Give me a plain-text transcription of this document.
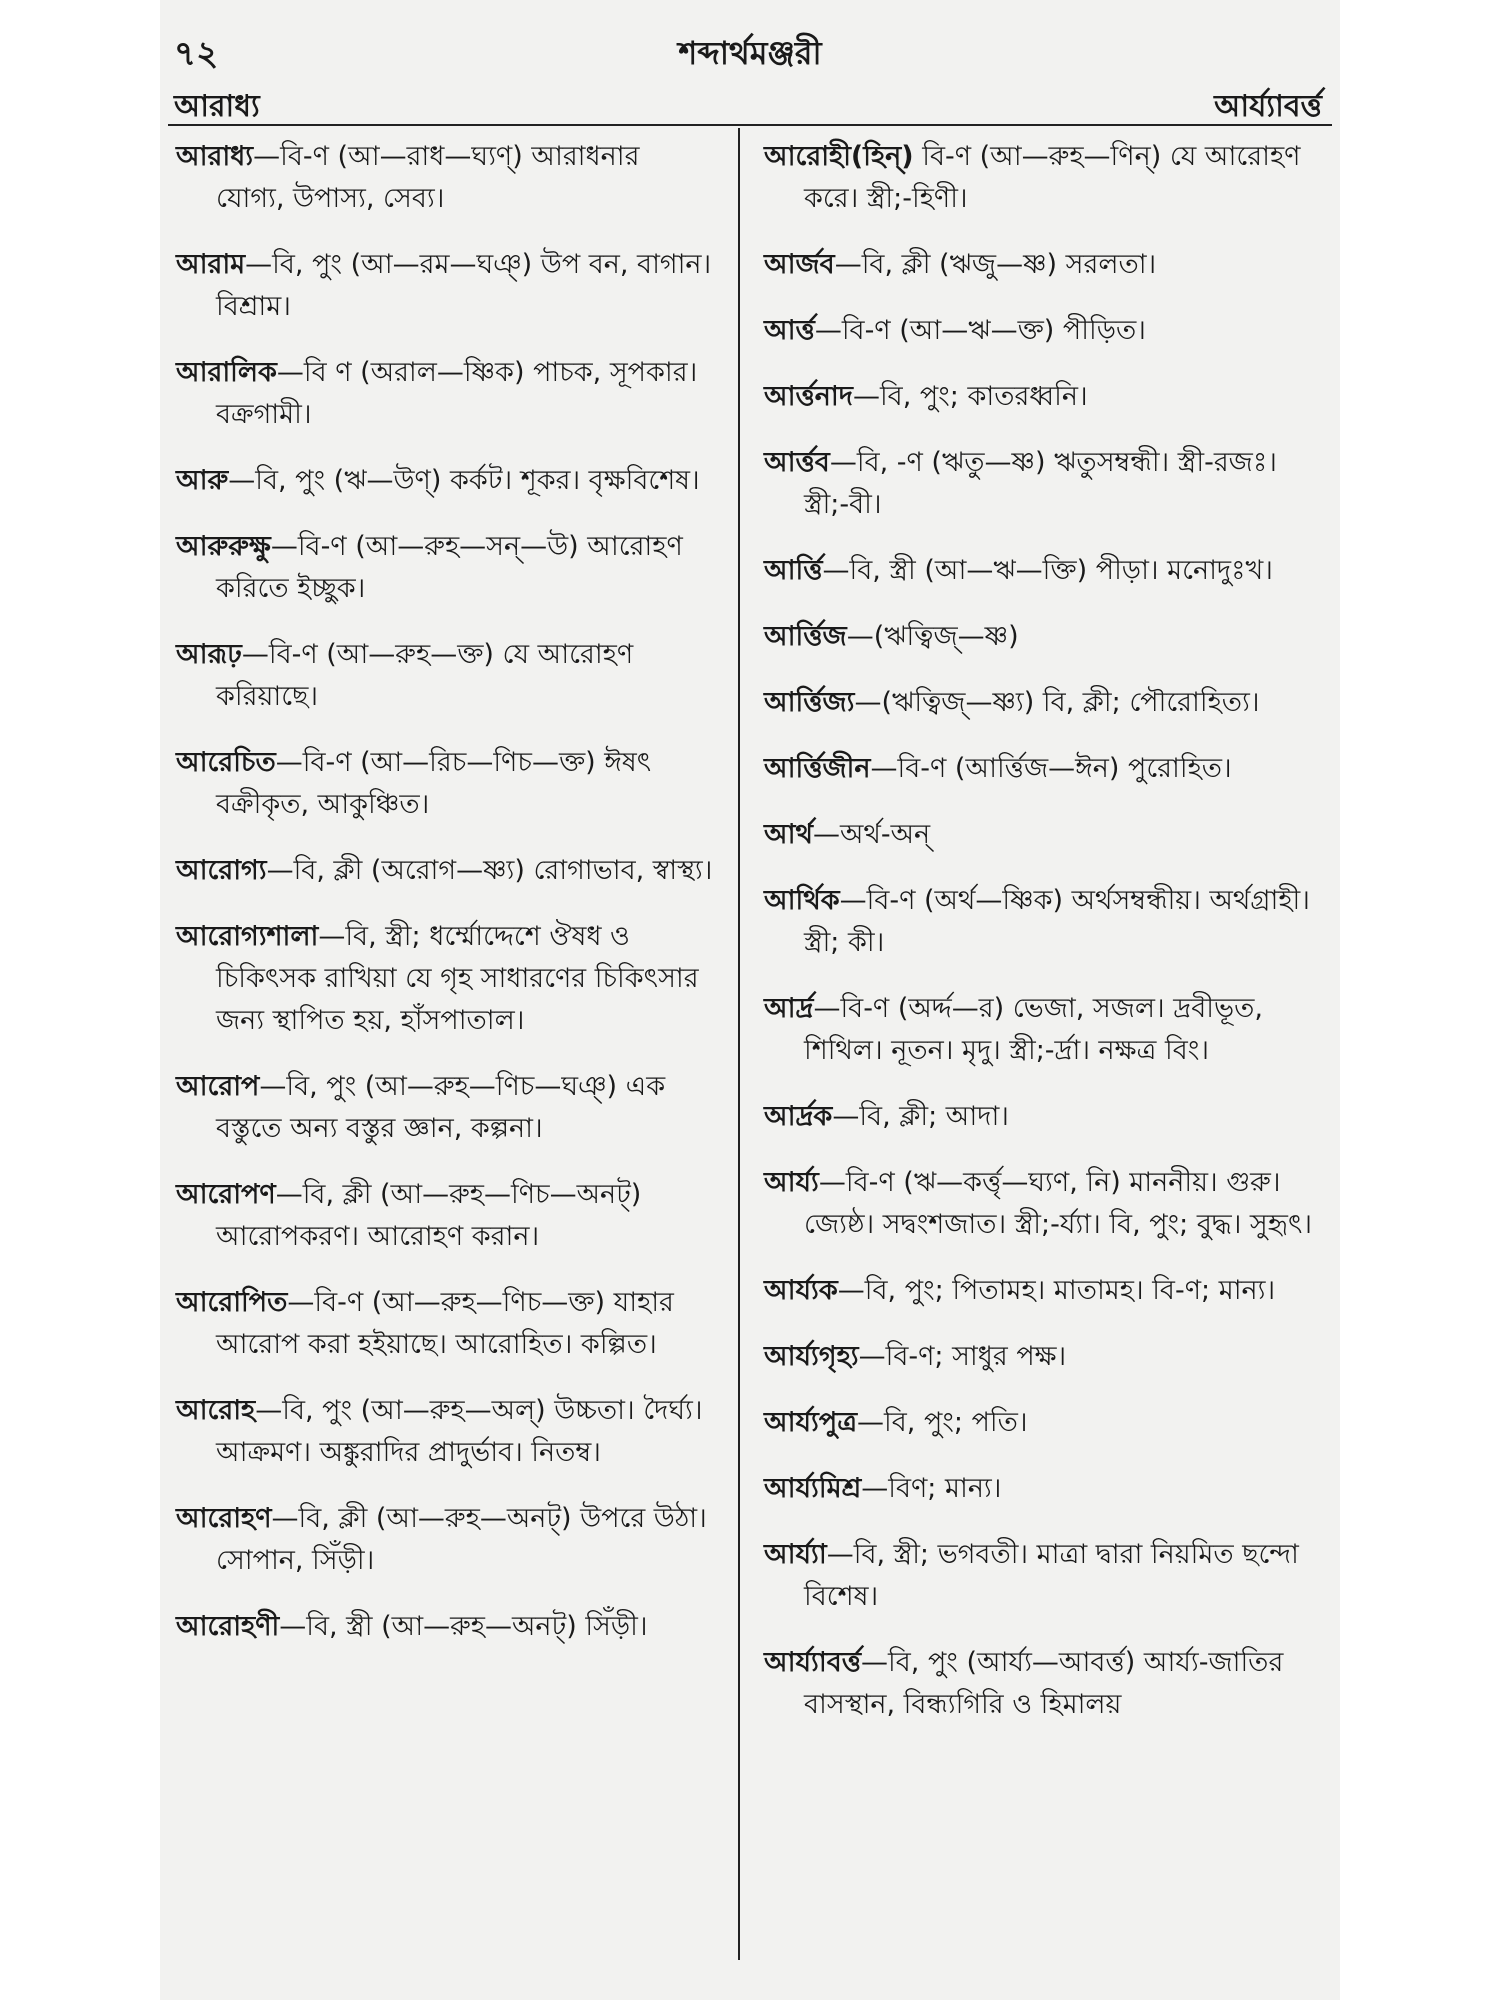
৭২	শব্দার্থমঞ্জরী
আরাধ্য	আর্য্যাবর্ত্ত

আরাধ্য—বি-ণ (আ—রাধ—ঘ্যণ্) আরাধনার যোগ্য, উপাস্য, সেব্য।

আরাম—বি, পুং (আ—রম—ঘঞ্) উপ বন, বাগান। বিশ্রাম।

আরালিক—বি ণ (অরাল—ষ্ণিক) পাচক, সূপকার। বক্রগামী।

আরু—বি, পুং (ঋ—উণ্) কর্কট। শূকর। বৃক্ষবিশেষ।

আরুরুক্ষু—বি-ণ (আ—রুহ—সন্—উ) আরোহণ করিতে ইচ্ছুক।

আরূঢ়—বি-ণ (আ—রুহ—ক্ত) যে আরোহণ করিয়াছে।

আরেচিত—বি-ণ (আ—রিচ—ণিচ—ক্ত) ঈষৎ বক্রীকৃত, আকুঞ্চিত।

আরোগ্য—বি, ক্লী (অরোগ—ষ্ণ্য) রোগাভাব, স্বাস্থ্য।

আরোগ্যশালা—বি, স্ত্রী; ধর্ম্মোদ্দেশে ঔষধ ও চিকিৎসক রাখিয়া যে গৃহ সাধারণের চিকিৎসার জন্য স্থাপিত হয়, হাঁসপাতাল।

আরোপ—বি, পুং (আ—রুহ—ণিচ—ঘঞ্) এক বস্তুতে অন্য বস্তুর জ্ঞান, কল্পনা।

আরোপণ—বি, ক্লী (আ—রুহ—ণিচ—অনট্) আরোপকরণ। আরোহণ করান।

আরোপিত—বি-ণ (আ—রুহ—ণিচ—ক্ত) যাহার আরোপ করা হইয়াছে। আরোহিত। কল্পিত।

আরোহ—বি, পুং (আ—রুহ—অল্) উচ্চতা। দৈর্ঘ্য। আক্রমণ। অঙ্কুরাদির প্রাদুর্ভাব। নিতম্ব।

আরোহণ—বি, ক্লী (আ—রুহ—অনট্) উপরে উঠা। সোপান, সিঁড়ী।

আরোহণী—বি, স্ত্রী (আ—রুহ—অনট্) সিঁড়ী।

আরোহী(হিন্) বি-ণ (আ—রুহ—ণিন্) যে আরোহণ করে। স্ত্রী;-হিণী।

আর্জব—বি, ক্লী (ঋজু—ষ্ণ) সরলতা।

আর্ত্ত—বি-ণ (আ—ঋ—ক্ত) পীড়িত।

আর্ত্তনাদ—বি, পুং; কাতরধ্বনি।

আর্ত্তব—বি, -ণ (ঋতু—ষ্ণ) ঋতুসম্বন্ধী। স্ত্রী-রজঃ। স্ত্রী;-বী।

আর্ত্তি—বি, স্ত্রী (আ—ঋ—ক্তি) পীড়া। মনোদুঃখ।

আর্ত্তিজ—(ঋত্বিজ্—ষ্ণ)

আর্ত্তিজ্য—(ঋত্বিজ্—ষ্ণ্য) বি, ক্লী; পৌরোহিত্য।

আর্ত্তিজীন—বি-ণ (আর্ত্তিজ—ঈন) পুরোহিত।

আর্থ—অর্থ-অন্

আর্থিক—বি-ণ (অর্থ—ষ্ণিক) অর্থসম্বন্ধীয়। অর্থগ্রাহী। স্ত্রী; কী।

আর্দ্র—বি-ণ (অর্দ্দ—র) ভেজা, সজল। দ্রবীভূত, শিথিল। নূতন। মৃদু। স্ত্রী;-র্দ্রা। নক্ষত্র বিং।

আর্দ্রক—বি, ক্লী; আদা।

আর্য্য—বি-ণ (ঋ—কর্ত্তৃ—ঘ্যণ, নি) মাননীয়। গুরু। জ্যেষ্ঠ। সদ্বংশজাত। স্ত্রী;-র্য্যা। বি, পুং; বুদ্ধ। সুহৃৎ।

আর্য্যক—বি, পুং; পিতামহ। মাতামহ। বি-ণ; মান্য।

আর্য্যগৃহ্য—বি-ণ; সাধুর পক্ষ।

আর্য্যপুত্র—বি, পুং; পতি।

আর্য্যমিশ্র—বিণ; মান্য।

আর্য্যা—বি, স্ত্রী; ভগবতী। মাত্রা দ্বারা নিয়মিত ছন্দো বিশেষ।

আর্য্যাবর্ত্ত—বি, পুং (আর্য্য—আবর্ত্ত) আর্য্য-জাতির বাসস্থান, বিন্ধ্যগিরি ও হিমালয়
